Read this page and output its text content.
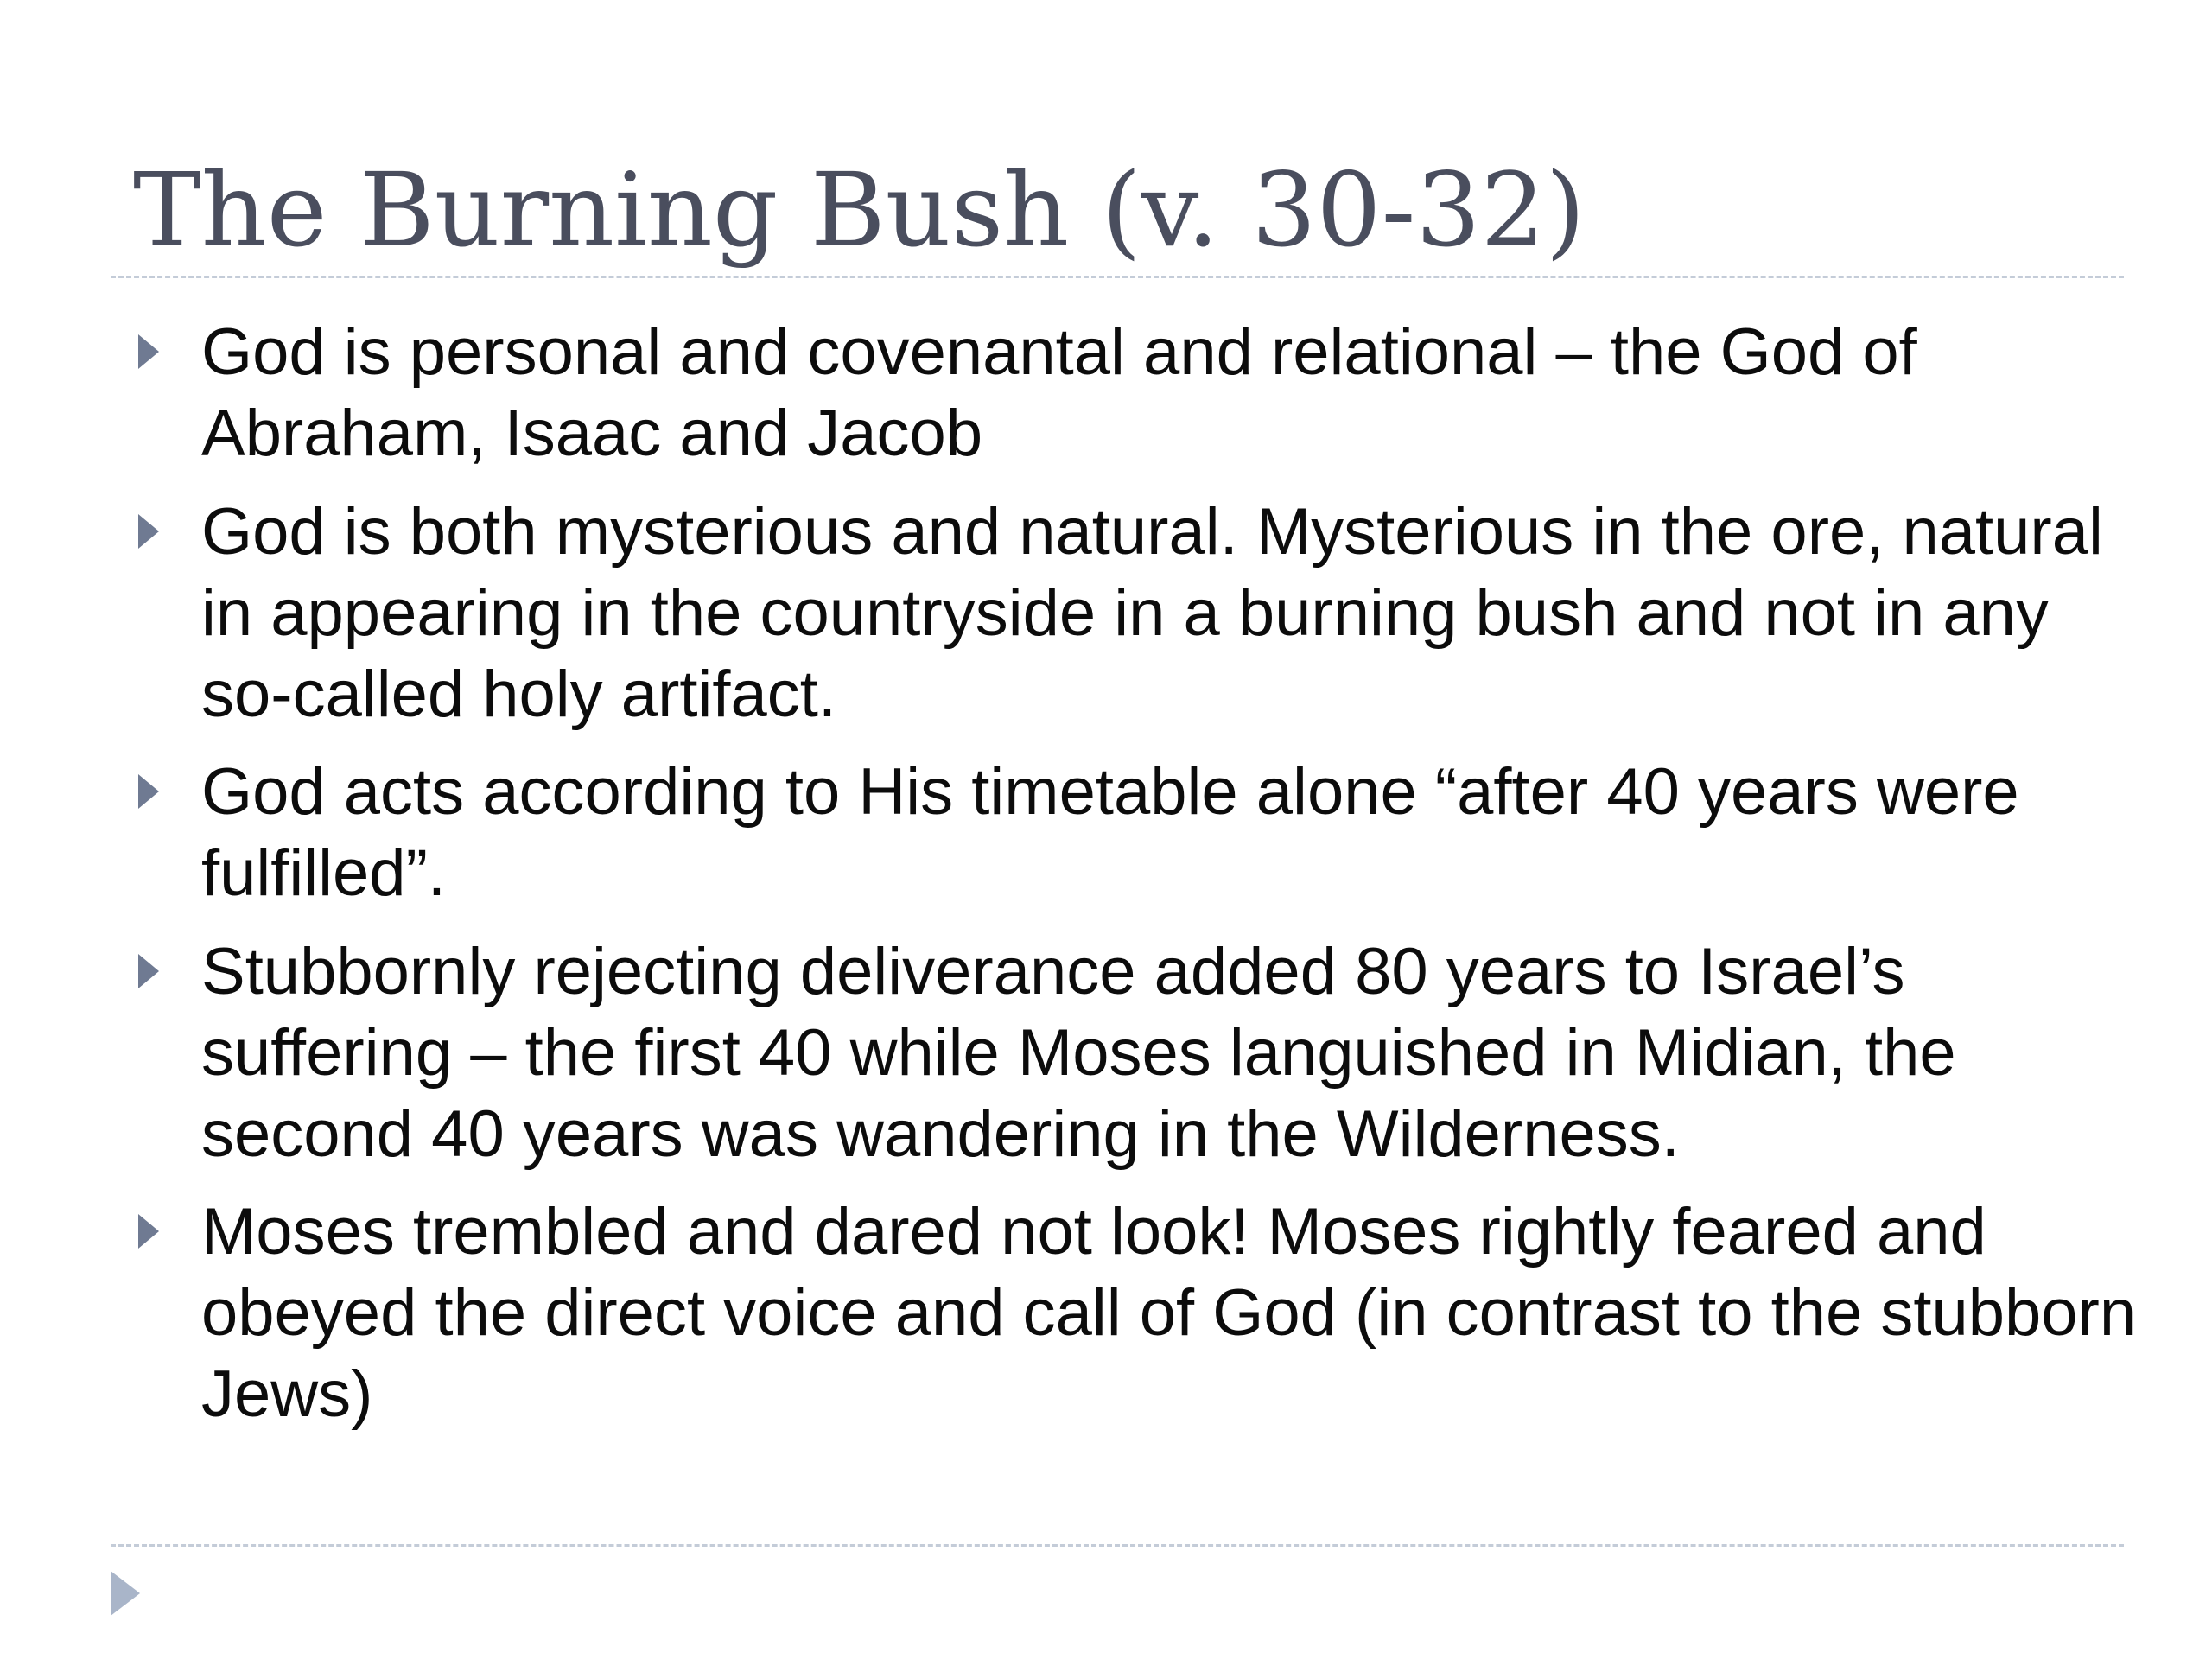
The Burning Bush (v. 30-32)
God is personal and covenantal and relational – the God of Abraham, Isaac and Jacob
God is both mysterious and natural. Mysterious in the ore, natural in appearing in the countryside in a burning bush and not in any so-called holy artifact.
God acts according to His timetable alone “after 40 years were fulfilled”.
Stubbornly rejecting deliverance added 80 years to Israel’s suffering – the first 40 while Moses languished in Midian, the second 40 years was wandering in the Wilderness.
Moses trembled and dared not look! Moses rightly feared and obeyed the direct voice and call of God (in contrast to the stubborn Jews)
